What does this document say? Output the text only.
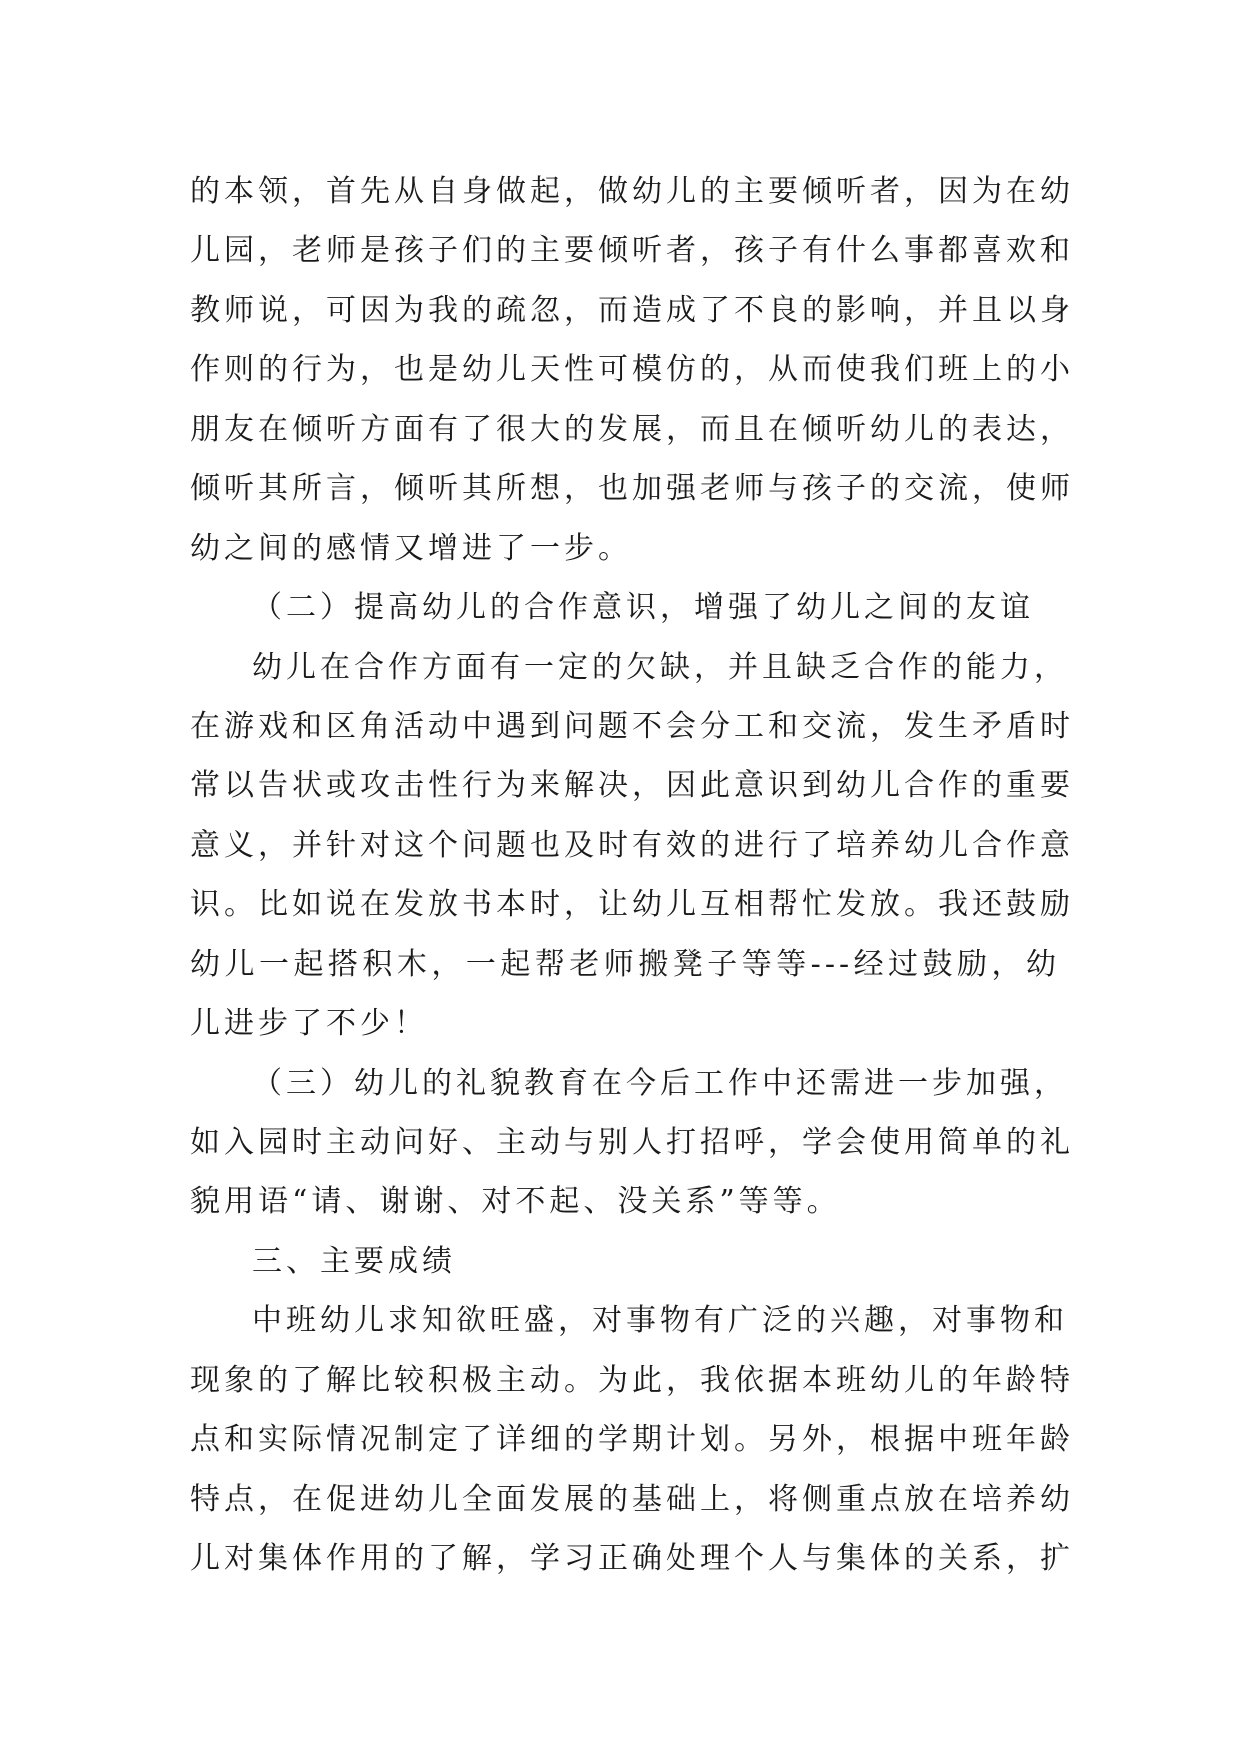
的本领，首先从自身做起，做幼儿的主要倾听者，因为在幼
儿园，老师是孩子们的主要倾听者，孩子有什么事都喜欢和
教师说，可因为我的疏忽，而造成了不良的影响，并且以身
作则的行为，也是幼儿天性可模仿的，从而使我们班上的小
朋友在倾听方面有了很大的发展，而且在倾听幼儿的表达，
倾听其所言，倾听其所想，也加强老师与孩子的交流，使师
幼之间的感情又增进了一步。
（二）提高幼儿的合作意识，增强了幼儿之间的友谊
幼儿在合作方面有一定的欠缺，并且缺乏合作的能力，
在游戏和区角活动中遇到问题不会分工和交流，发生矛盾时
常以告状或攻击性行为来解决，因此意识到幼儿合作的重要
意义，并针对这个问题也及时有效的进行了培养幼儿合作意
识。比如说在发放书本时，让幼儿互相帮忙发放。我还鼓励
幼儿一起搭积木，一起帮老师搬凳子等等---经过鼓励，幼
儿进步了不少！
（三）幼儿的礼貌教育在今后工作中还需进一步加强，
如入园时主动问好、主动与别人打招呼，学会使用简单的礼
貌用语“请、谢谢、对不起、没关系”等等。
三、主要成绩
中班幼儿求知欲旺盛，对事物有广泛的兴趣，对事物和
现象的了解比较积极主动。为此，我依据本班幼儿的年龄特
点和实际情况制定了详细的学期计划。另外，根据中班年龄
特点，在促进幼儿全面发展的基础上，将侧重点放在培养幼
儿对集体作用的了解，学习正确处理个人与集体的关系，扩
